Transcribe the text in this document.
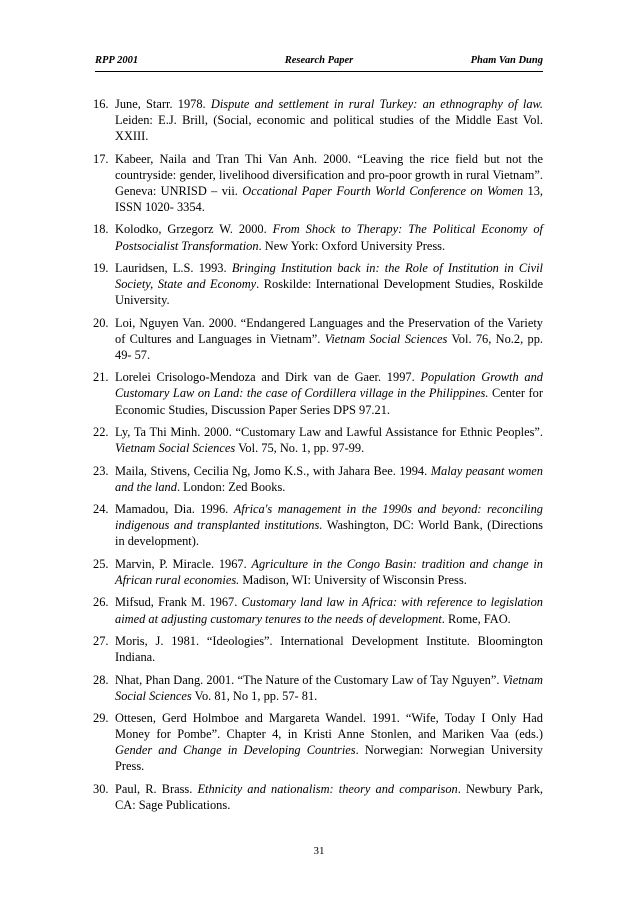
RPP 2001	Research Paper	Pham Van Dung
16. June, Starr. 1978. Dispute and settlement in rural Turkey: an ethnography of law. Leiden: E.J. Brill, (Social, economic and political studies of the Middle East Vol. XXIII.
17. Kabeer, Naila and Tran Thi Van Anh. 2000. “Leaving the rice field but not the countryside: gender, livelihood diversification and pro-poor growth in rural Vietnam”. Geneva: UNRISD – vii. Occational Paper Fourth World Conference on Women 13, ISSN 1020- 3354.
18. Kolodko, Grzegorz W. 2000. From Shock to Therapy: The Political Economy of Postsocialist Transformation. New York: Oxford University Press.
19. Lauridsen, L.S. 1993. Bringing Institution back in: the Role of Institution in Civil Society, State and Economy. Roskilde: International Development Studies, Roskilde University.
20. Loi, Nguyen Van. 2000. “Endangered Languages and the Preservation of the Variety of Cultures and Languages in Vietnam”. Vietnam Social Sciences Vol. 76, No.2, pp. 49- 57.
21. Lorelei Crisologo-Mendoza and Dirk van de Gaer. 1997. Population Growth and Customary Law on Land: the case of Cordillera village in the Philippines. Center for Economic Studies, Discussion Paper Series DPS 97.21.
22. Ly, Ta Thi Minh. 2000. “Customary Law and Lawful Assistance for Ethnic Peoples”. Vietnam Social Sciences Vol. 75, No. 1, pp. 97-99.
23. Maila, Stivens, Cecilia Ng, Jomo K.S., with Jahara Bee. 1994. Malay peasant women and the land. London: Zed Books.
24. Mamadou, Dia. 1996. Africa's management in the 1990s and beyond: reconciling indigenous and transplanted institutions. Washington, DC: World Bank, (Directions in development).
25. Marvin, P. Miracle. 1967. Agriculture in the Congo Basin: tradition and change in African rural economies. Madison, WI: University of Wisconsin Press.
26. Mifsud, Frank M. 1967. Customary land law in Africa: with reference to legislation aimed at adjusting customary tenures to the needs of development. Rome, FAO.
27. Moris, J. 1981. “Ideologies”. International Development Institute. Bloomington Indiana.
28. Nhat, Phan Dang. 2001. “The Nature of the Customary Law of Tay Nguyen”. Vietnam Social Sciences Vo. 81, No 1, pp. 57- 81.
29. Ottesen, Gerd Holmboe and Margareta Wandel. 1991. “Wife, Today I Only Had Money for Pombe”. Chapter 4, in Kristi Anne Stonlen, and Mariken Vaa (eds.) Gender and Change in Developing Countries. Norwegian: Norwegian University Press.
30. Paul, R. Brass. Ethnicity and nationalism: theory and comparison. Newbury Park, CA: Sage Publications.
31
